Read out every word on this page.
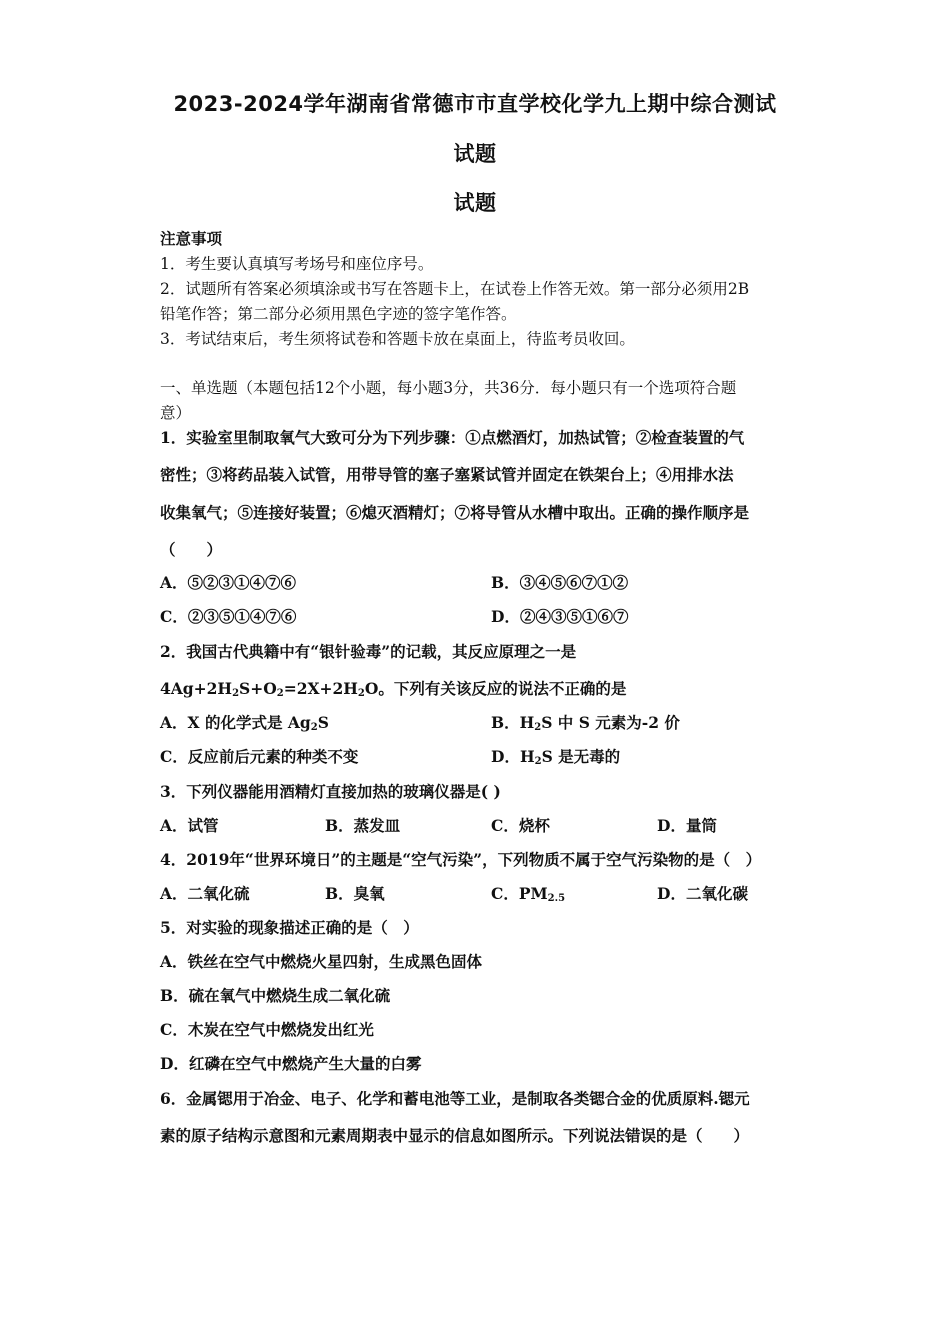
2023-2024学年湖南省常德市市直学校化学九上期中综合测试
试题
试题
注意事项
1．考生要认真填写考场号和座位序号。
2．试题所有答案必须填涂或书写在答题卡上，在试卷上作答无效。第一部分必须用2B
铅笔作答；第二部分必须用黑色字迹的签字笔作答。
3．考试结束后，考生须将试卷和答题卡放在桌面上，待监考员收回。
一、单选题（本题包括12个小题，每小题3分，共36分．每小题只有一个选项符合题
意）
1．实验室里制取氧气大致可分为下列步骤：①点燃酒灯，加热试管；②检查装置的气
密性；③将药品装入试管，用带导管的塞子塞紧试管并固定在铁架台上；④用排水法
收集氧气；⑤连接好装置；⑥熄灭酒精灯；⑦将导管从水槽中取出。正确的操作顺序是
（　　）
A．⑤②③①④⑦⑥	B．③④⑤⑥⑦①②
C．②③⑤①④⑦⑥	D．②④③⑤①⑥⑦
2．我国古代典籍中有“银针验毒”的记载，其反应原理之一是
$4Ag+2H_2S+O_2=2X+2H_2O$。下列有关该反应的说法不正确的是
A．X 的化学式是 $Ag_2S$	B．$H_2S$ 中 S 元素为-2 价
C．反应前后元素的种类不变	D．$H_2S$ 是无毒的
3．下列仪器能用酒精灯直接加热的玻璃仪器是( )
A．试管	B．蒸发皿	C．烧杯	D．量筒
4．2019年“世界环境日”的主题是“空气污染”，下列物质不属于空气污染物的是（　）
A．二氧化硫	B．臭氧	C．$PM_{2.5}$	D．二氧化碳
5．对实验的现象描述正确的是（　）
A．铁丝在空气中燃烧火星四射，生成黑色固体
B．硫在氧气中燃烧生成二氧化硫
C．木炭在空气中燃烧发出红光
D．红磷在空气中燃烧产生大量的白雾
6．金属锶用于冶金、电子、化学和蓄电池等工业，是制取各类锶合金的优质原料.锶元
素的原子结构示意图和元素周期表中显示的信息如图所示。下列说法错误的是（　　）
